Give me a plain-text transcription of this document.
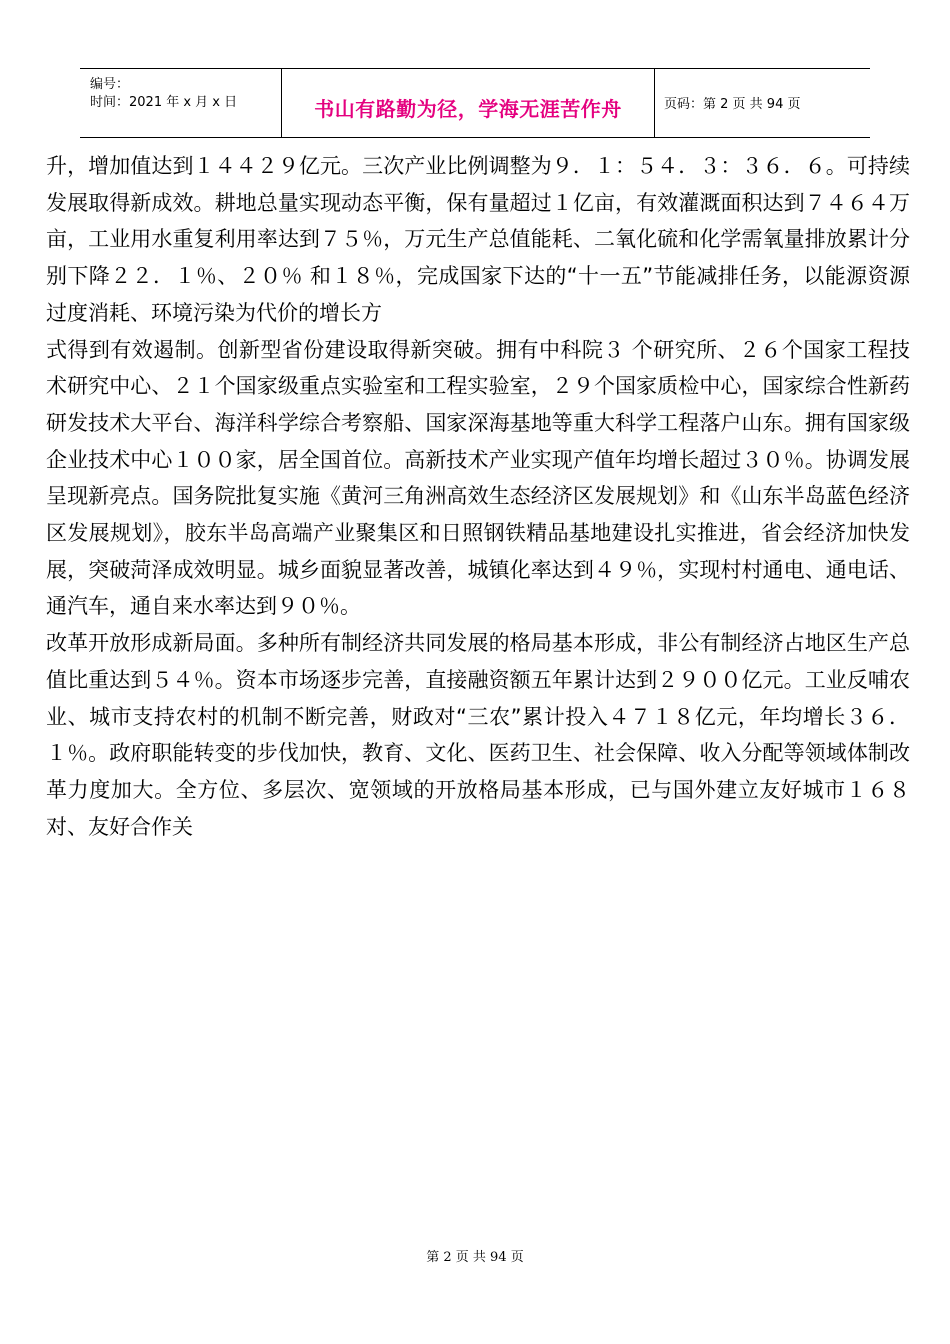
编号：
时间：2021 年 x 月 x 日	书山有路勤为径，学海无涯苦作舟	页码：第 2 页 共 94 页

升，增加值达到１４４２９亿元。三次产业比例调整为９．１：５４．３：３６．６。可持续发展取得新成效。耕地总量实现动态平衡，保有量超过１亿亩，有效灌溉面积达到７４６４万亩，工业用水重复利用率达到７５％，万元生产总值能耗、二氧化硫和化学需氧量排放累计分别下降２２．１％、２０％ 和１８％，完成国家下达的“十一五”节能减排任务，以能源资源过度消耗、环境污染为代价的增长方

式得到有效遏制。创新型省份建设取得新突破。拥有中科院３ 个研究所、２６个国家工程技术研究中心、２１个国家级重点实验室和工程实验室，２９个国家质检中心，国家综合性新药研发技术大平台、海洋科学综合考察船、国家深海基地等重大科学工程落户山东。拥有国家级企业技术中心１００家，居全国首位。高新技术产业实现产值年均增长超过３０％。协调发展呈现新亮点。国务院批复实施《黄河三角洲高效生态经济区发展规划》和《山东半岛蓝色经济区发展规划》，胶东半岛高端产业聚集区和日照钢铁精品基地建设扎实推进，省会经济加快发展，突破菏泽成效明显。城乡面貌显著改善，城镇化率达到４９％，实现村村通电、通电话、通汽车，通自来水率达到９０％。

改革开放形成新局面。多种所有制经济共同发展的格局基本形成，非公有制经济占地区生产总值比重达到５４％。资本市场逐步完善，直接融资额五年累计达到２９００亿元。工业反哺农业、城市支持农村的机制不断完善，财政对“三农”累计投入４７１８亿元，年均增长３６．１％。政府职能转变的步伐加快，教育、文化、医药卫生、社会保障、收入分配等领域体制改革力度加大。全方位、多层次、宽领域的开放格局基本形成，已与国外建立友好城市１６８ 对、友好合作关

第 2 页 共 94 页
